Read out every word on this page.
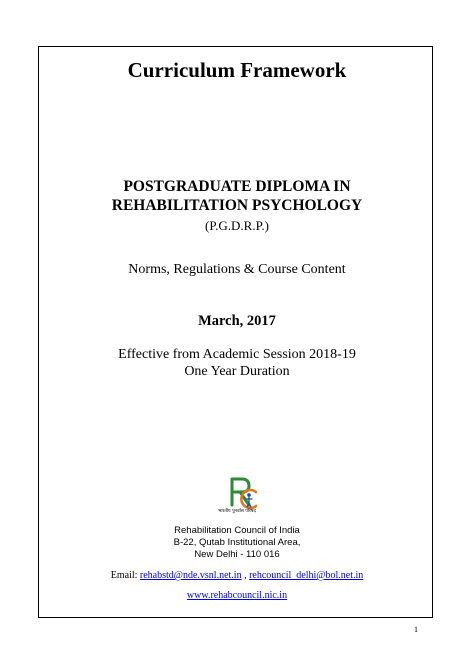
Curriculum Framework
POSTGRADUATE DIPLOMA IN
REHABILITATION PSYCHOLOGY
(P.G.D.R.P.)
Norms, Regulations & Course Content
March, 2017
Effective from Academic Session 2018-19
One Year Duration
भारतीय पुनर्वास परिषद
Rehabilitation Council of India
B-22, Qutab Institutional Area,
New Delhi - 110 016
Email: rehabstd@nde.vsnl.net.in , rehcouncil_delhi@bol.net.in
www.rehabcouncil.nic.in
1
